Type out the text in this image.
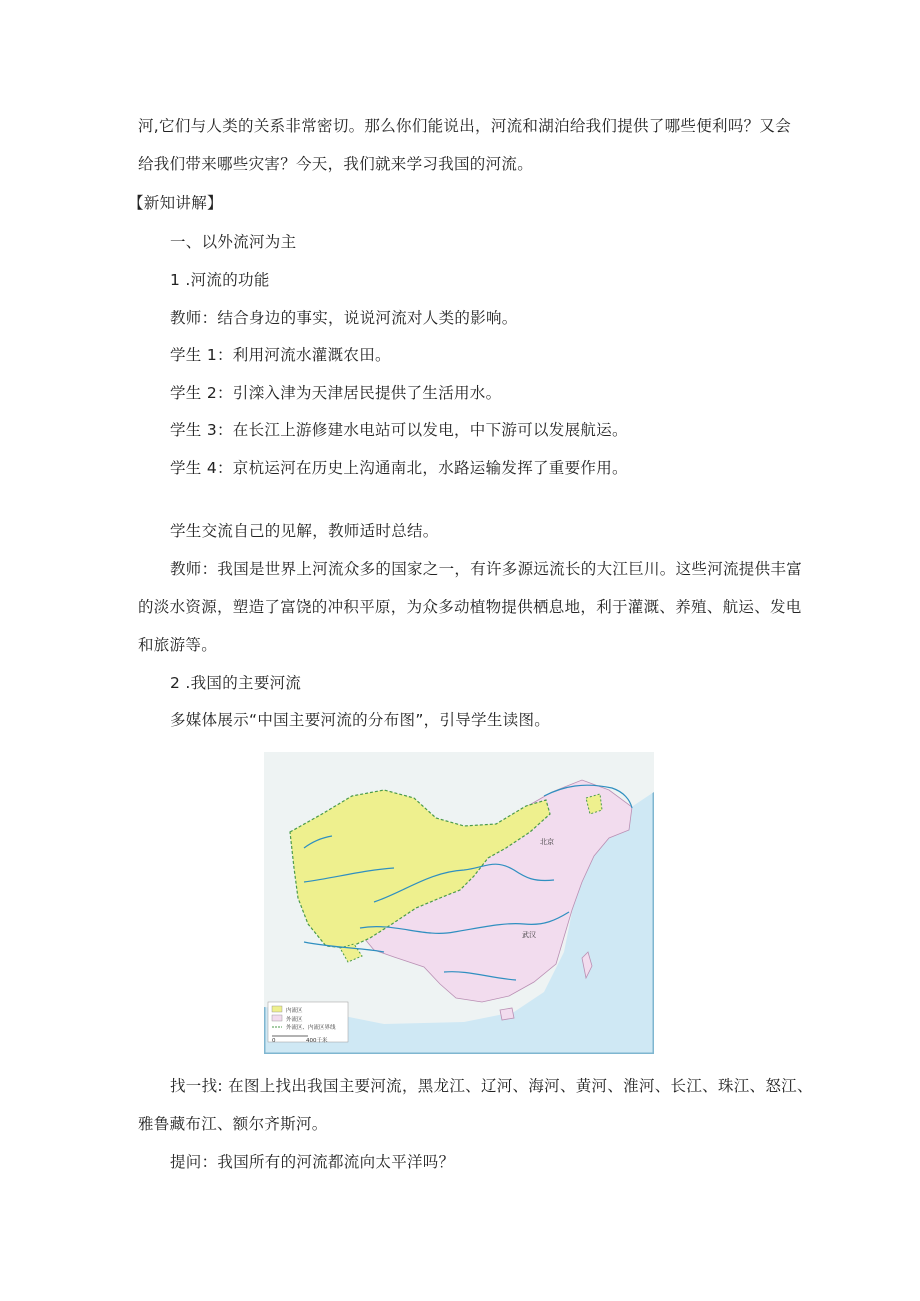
河,它们与人类的关系非常密切。那么你们能说出，河流和湖泊给我们提供了哪些便利吗？又会
给我们带来哪些灾害？今天，我们就来学习我国的河流。
【新知讲解】
一、以外流河为主
1 .河流的功能
教师：结合身边的事实，说说河流对人类的影响。
学生 1：利用河流水灌溉农田。
学生 2：引滦入津为天津居民提供了生活用水。
学生 3：在长江上游修建水电站可以发电，中下游可以发展航运。
学生 4：京杭运河在历史上沟通南北，水路运输发挥了重要作用。
学生交流自己的见解，教师适时总结。
教师：我国是世界上河流众多的国家之一，有许多源远流长的大江巨川。这些河流提供丰富
的淡水资源，塑造了富饶的冲积平原，为众多动植物提供栖息地，利于灌溉、养殖、航运、发电
和旅游等。
2 .我国的主要河流
多媒体展示“中国主要河流的分布图”，引导学生读图。
北京
武汉
内流区
外流区
外流区、内流区界线
0	400千米
找一找: 在图上找出我国主要河流，黑龙江、辽河、海河、黄河、淮河、长江、珠江、怒江、
雅鲁藏布江、额尔齐斯河。
提问：我国所有的河流都流向太平洋吗？
